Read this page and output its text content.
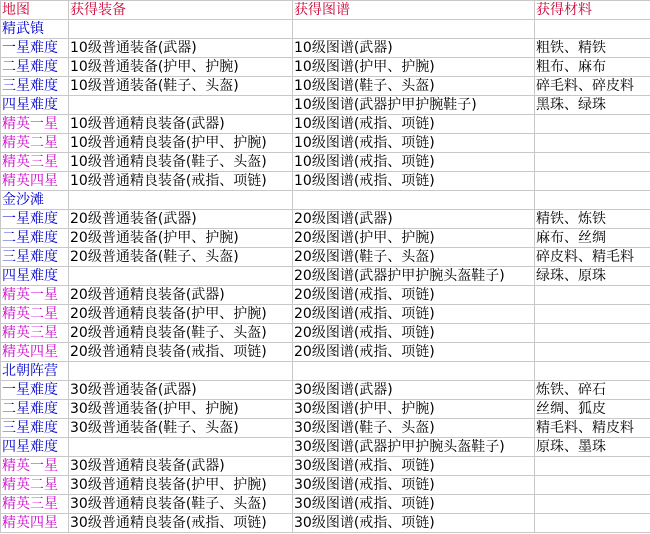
地图	获得装备	获得图谱	获得材料
精武镇			
一星难度	10级普通装备(武器)	10级图谱(武器)	粗铁、精铁
二星难度	10级普通装备(护甲、护腕)	10级图谱(护甲、护腕)	粗布、麻布
三星难度	10级普通装备(鞋子、头盔)	10级图谱(鞋子、头盔)	碎毛料、碎皮料
四星难度		10级图谱(武器护甲护腕鞋子)	黑珠、绿珠
精英一星	10级普通精良装备(武器)	10级图谱(戒指、项链)	
精英二星	10级普通精良装备(护甲、护腕)	10级图谱(戒指、项链)	
精英三星	10级普通精良装备(鞋子、头盔)	10级图谱(戒指、项链)	
精英四星	10级普通精良装备(戒指、项链)	10级图谱(戒指、项链)	
金沙滩			
一星难度	20级普通装备(武器)	20级图谱(武器)	精铁、炼铁
二星难度	20级普通装备(护甲、护腕)	20级图谱(护甲、护腕)	麻布、丝绸
三星难度	20级普通装备(鞋子、头盔)	20级图谱(鞋子、头盔)	碎皮料、精毛料
四星难度		20级图谱(武器护甲护腕头盔鞋子)	绿珠、原珠
精英一星	20级普通精良装备(武器)	20级图谱(戒指、项链)	
精英二星	20级普通精良装备(护甲、护腕)	20级图谱(戒指、项链)	
精英三星	20级普通精良装备(鞋子、头盔)	20级图谱(戒指、项链)	
精英四星	20级普通精良装备(戒指、项链)	20级图谱(戒指、项链)	
北朝阵营			
一星难度	30级普通装备(武器)	30级图谱(武器)	炼铁、碎石
二星难度	30级普通装备(护甲、护腕)	30级图谱(护甲、护腕)	丝绸、狐皮
三星难度	30级普通装备(鞋子、头盔)	30级图谱(鞋子、头盔)	精毛料、精皮料
四星难度		30级图谱(武器护甲护腕头盔鞋子)	原珠、墨珠
精英一星	30级普通精良装备(武器)	30级图谱(戒指、项链)	
精英二星	30级普通精良装备(护甲、护腕)	30级图谱(戒指、项链)	
精英三星	30级普通精良装备(鞋子、头盔)	30级图谱(戒指、项链)	
精英四星	30级普通精良装备(戒指、项链)	30级图谱(戒指、项链)	
